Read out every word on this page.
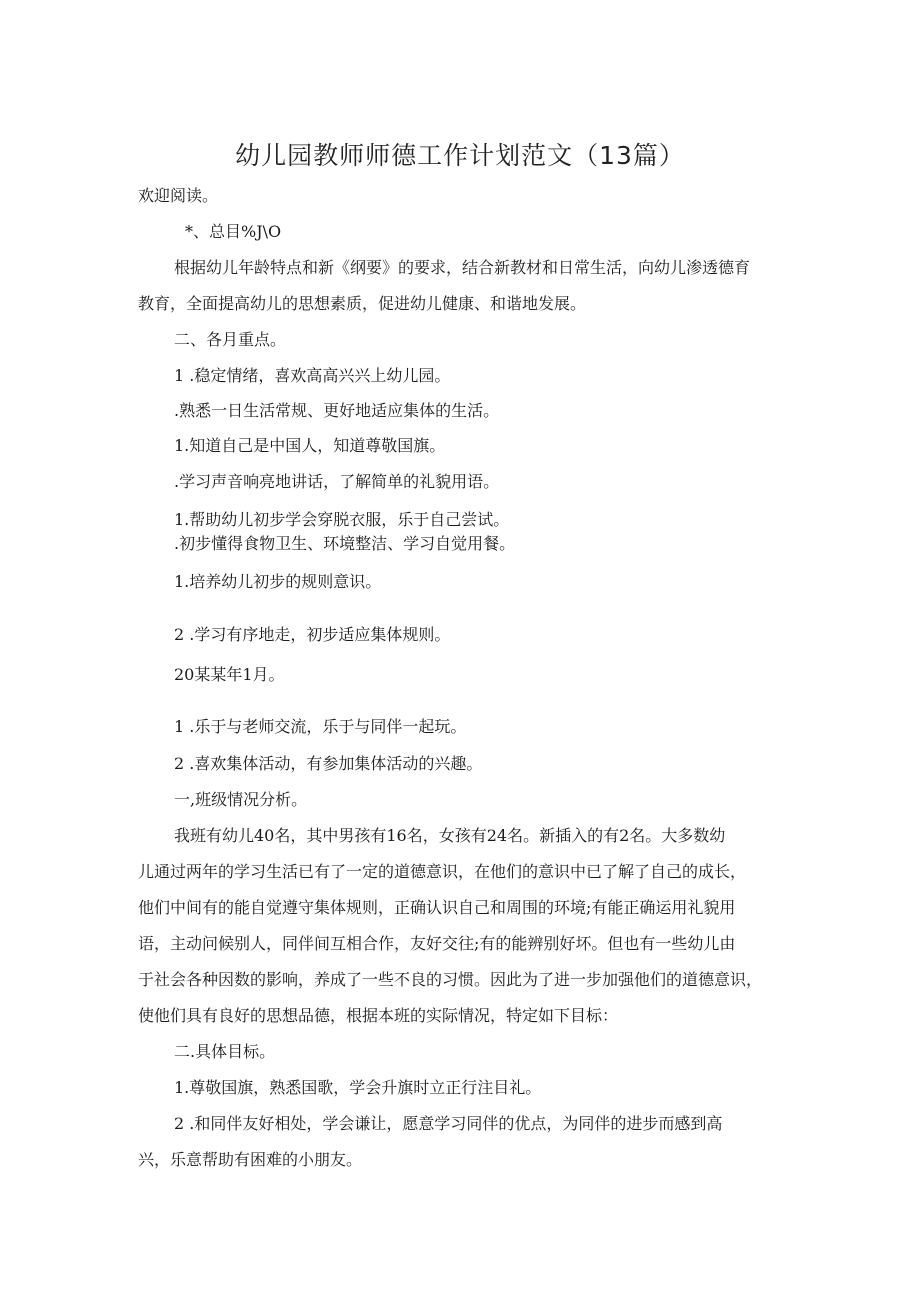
幼儿园教师师德工作计划范文（13篇）
欢迎阅读。
*、总目%J\O
根据幼儿年龄特点和新《纲要》的要求，结合新教材和日常生活，向幼儿渗透德育
教育，全面提高幼儿的思想素质，促进幼儿健康、和谐地发展。
二、各月重点。
1 .稳定情绪，喜欢高高兴兴上幼儿园。
.熟悉一日生活常规、更好地适应集体的生活。
1.知道自己是中国人，知道尊敬国旗。
.学习声音响亮地讲话，了解简单的礼貌用语。
1.帮助幼儿初步学会穿脱衣服，乐于自己尝试。
.初步懂得食物卫生、环境整洁、学习自觉用餐。
1.培养幼儿初步的规则意识。
2 .学习有序地走，初步适应集体规则。
20某某年1月。
1 .乐于与老师交流，乐于与同伴一起玩。
2 .喜欢集体活动，有参加集体活动的兴趣。
一,班级情况分析。
我班有幼儿40名，其中男孩有16名，女孩有24名。新插入的有2名。大多数幼
儿通过两年的学习生活已有了一定的道德意识，在他们的意识中已了解了自己的成长，
他们中间有的能自觉遵守集体规则，正确认识自己和周围的环境;有能正确运用礼貌用
语，主动问候别人，同伴间互相合作，友好交往;有的能辨别好坏。但也有一些幼儿由
于社会各种因数的影响，养成了一些不良的习惯。因此为了进一步加强他们的道德意识，
使他们具有良好的思想品德，根据本班的实际情况，特定如下目标：
二.具体目标。
1.尊敬国旗，熟悉国歌，学会升旗时立正行注目礼。
2 .和同伴友好相处，学会谦让，愿意学习同伴的优点，为同伴的进步而感到高
兴，乐意帮助有困难的小朋友。
